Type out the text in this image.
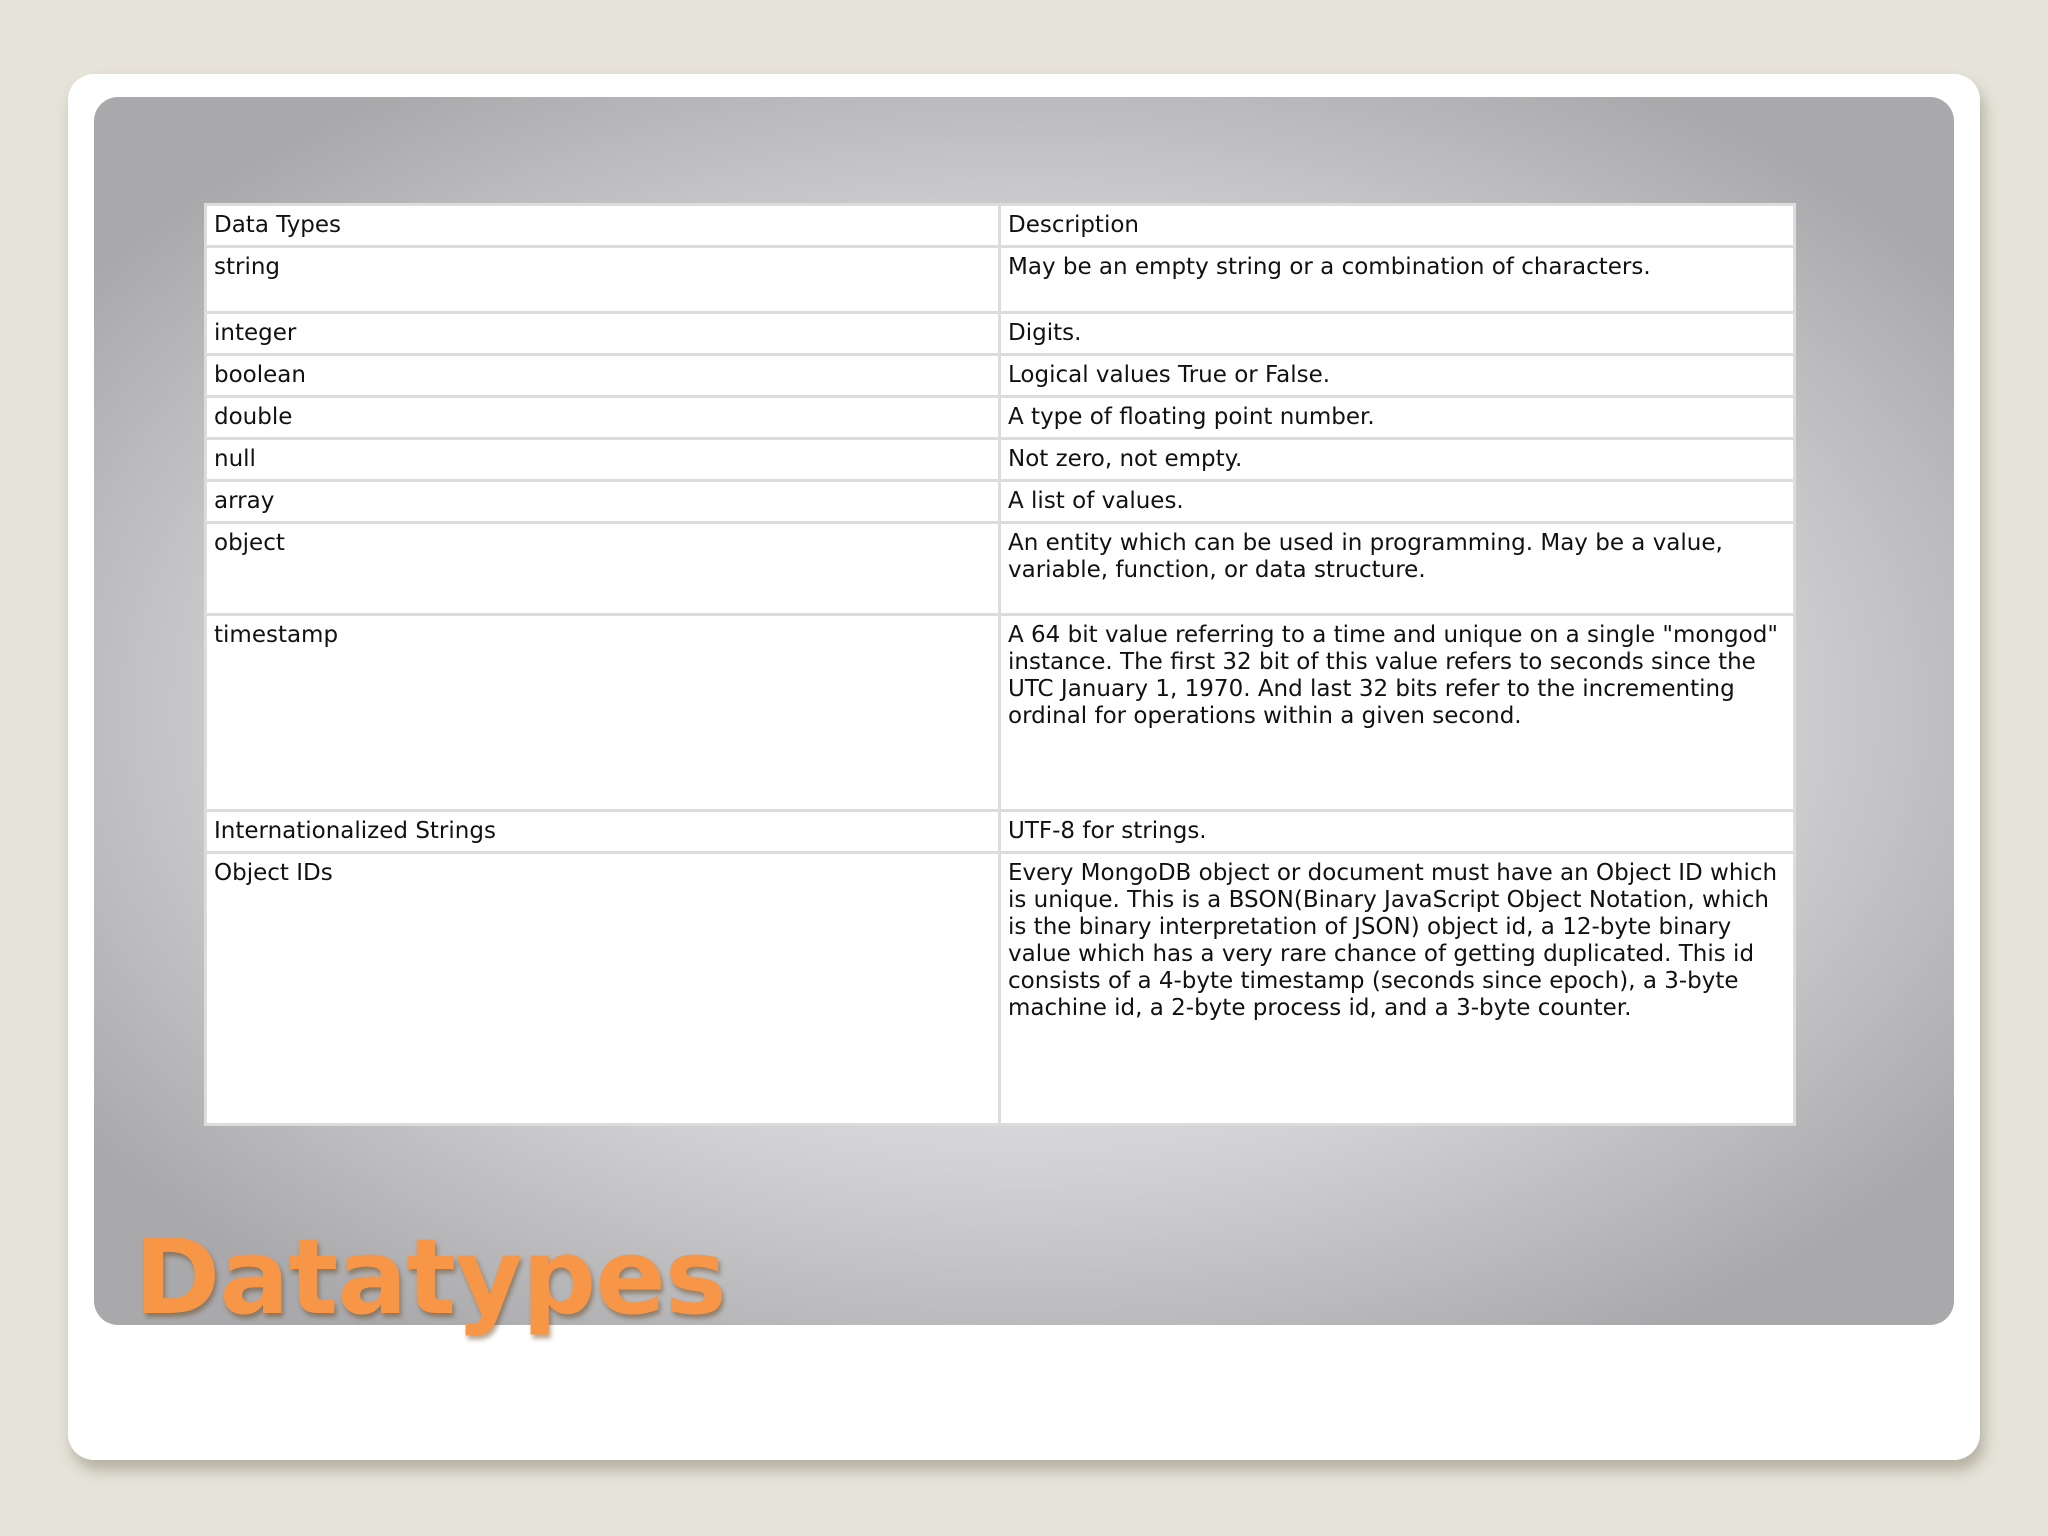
Data Types	Description
string	May be an empty string or a combination of characters.
integer	Digits.
boolean	Logical values True or False.
double	A type of floating point number.
null	Not zero, not empty.
array	A list of values.
object	An entity which can be used in programming. May be a value, variable, function, or data structure.
timestamp	A 64 bit value referring to a time and unique on a single "mongod" instance. The first 32 bit of this value refers to seconds since the UTC January 1, 1970. And last 32 bits refer to the incrementing ordinal for operations within a given second.
Internationalized Strings	UTF-8 for strings.
Object IDs	Every MongoDB object or document must have an Object ID which is unique. This is a BSON(Binary JavaScript Object Notation, which is the binary interpretation of JSON) object id, a 12-byte binary value which has a very rare chance of getting duplicated. This id consists of a 4-byte timestamp (seconds since epoch), a 3-byte machine id, a 2-byte process id, and a 3-byte counter.
Datatypes
